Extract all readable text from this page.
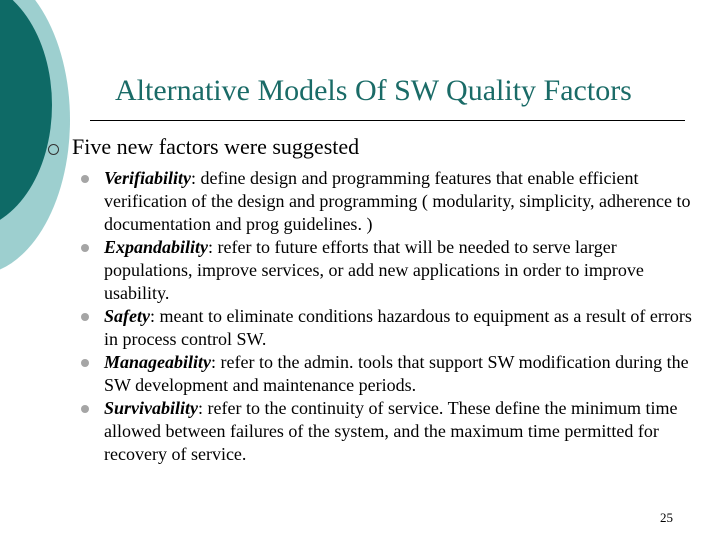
Alternative Models Of SW Quality Factors
Five new factors were suggested
Verifiability: define design and programming features that enable efficient verification of the design and programming ( modularity, simplicity, adherence to documentation and prog guidelines. )
Expandability: refer to future efforts that will be needed to serve larger populations, improve services, or add new applications in order to improve usability.
Safety: meant to eliminate conditions hazardous to equipment as a result of errors in process control SW.
Manageability: refer to the admin. tools that support SW modification during the SW development and maintenance periods.
Survivability: refer to the continuity of service. These define the minimum time allowed between failures of the system, and the maximum time permitted for recovery of service.
25
